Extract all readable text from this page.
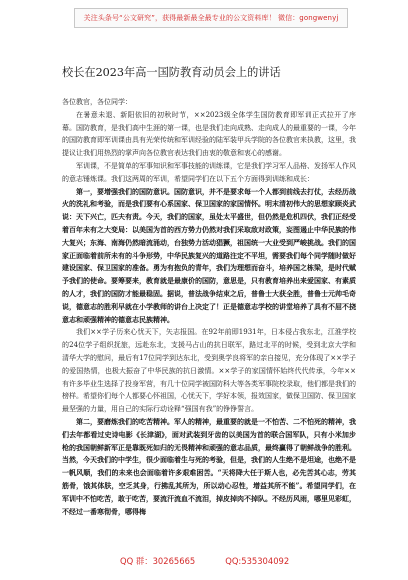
关注头条号“公文研究”，获得最新最全最专业的公文资料库！ 微信：gongwenyj
校长在2023年高一国防教育动员会上的讲话

各位教官，各位同学：

在暑意未退、新阳依旧的初秋时节，××2023级全体学生国防教育即军训正式拉开了序幕。国防教育，是我们高中生涯的第一课，也是我们走向成熟、走向成人的最重要的一课，今年的国防教育即军训课由具有光荣传统和军训经验的陆军装甲兵学院的各位教官来执教，这里，我提议让我们用热烈的掌声向各位教官表达我们由衷的敬意和衷心的感谢。

军训课，不是简单的军事知识和军事技能的训练课，它是我们学习军人品格、发扬军人作风的意志锤炼课。我们这两周的军训，希望同学们在以下五个方面得到训练和成长：

第一，要增强我们的国防意识。国防意识，并不是要求每一个人都到前线去打仗，去经历战火的洗礼和考验，而是我们要有心系国家、保卫国家的家国情怀。明末清初伟大的思想家顾炎武说：天下兴亡，匹夫有责。今天，我们的国家，虽处太平盛世，但仍然是危机四伏，我们正经受着百年未有之大变局：以美国为首的西方势力仍然对我们采取敌对政策，妄图遏止中华民族的伟大复兴；东海、南海仍然暗流涌动，台独势力活动猖獗，祖国统一大业受到严峻挑战。我们的国家正面临着前所未有的斗争形势，中华民族复兴的道路注定不平坦，需要我们每个同学随时做好建设国家、保卫国家的准备。勇为有抱负的青年，我们为理想而奋斗，培养国之栋梁，是时代赋予我们的使命。要筹要来，教育就是最康价的国防，意思是，只有教育培养出来爱国家、有素质的人才，我们的国防才能最稳固。据说，普法战争结束之后，普鲁士大获全胜，普鲁士元帅毛奇说，德意志的胜利早就在小学教师的讲台上决定了！正是德意志学校的讲堂培养了具有不屈不挠意志和顽强精神的德意志民族精神。

我们××学子历来心忧天下，矢志报国。在92年前即1931年，日本侵占我东北，江淮学校的24位学子组织抚旅，远赴东北，支援马占山的抗日联军，路过北平的时候，受到北京大学和清华大学的慰问，最后有17位同学到达东北，受到奥学良将军的亲自接见，充分体现了××学子的爱国热情，也极大振奋了中华民族的抗日激情。××学子的家国情怀始终代代传承，今年××有许多毕业生选择了投身军营，有几十位同学被国防科大等各类军事院校录取，他们都是我们的榜样。希望你们每个人都要心怀祖国，心忧天下，学好本领，报效国家，做保卫国防、保卫国家最坚强的力量，用自己的实际行动诠释“强国有我”的铮铮誓言。

第二，要磨炼我们的吃苦精神。军人的精神，最重要的就是一不怕苦、二不怕死的精神，我们去年都看过史诗电影《长津湖》，面对武装到牙齿的以美国为首的联合国军队，只有小米加步枪的我国朝鲜新军正是靠既死如归的无畏精神和顽强的意志品质，最终赢得了朝鲜战争的胜利。当然，今天我们的中学生，很少面临着生与死的考验，但是，我们的人生绝不是坦途，也绝不是一帆风顺，我们的未来也会面临着许多艰难困苦。“天将降大任于斯人也，必先苦其心志，劳其筋骨，饿其体肤，空乏其身，行拂乱其所为，所以动心忍性，增益其所不能”。希望同学们，在军训中不怕吃苦，敢于吃苦，要流汗流血不流泪，掉皮掉肉不掉队。不经历风雨，哪里见彩虹，不经过一番寒彻骨，哪得梅

QQ 群：30265665	QQ:535304092
